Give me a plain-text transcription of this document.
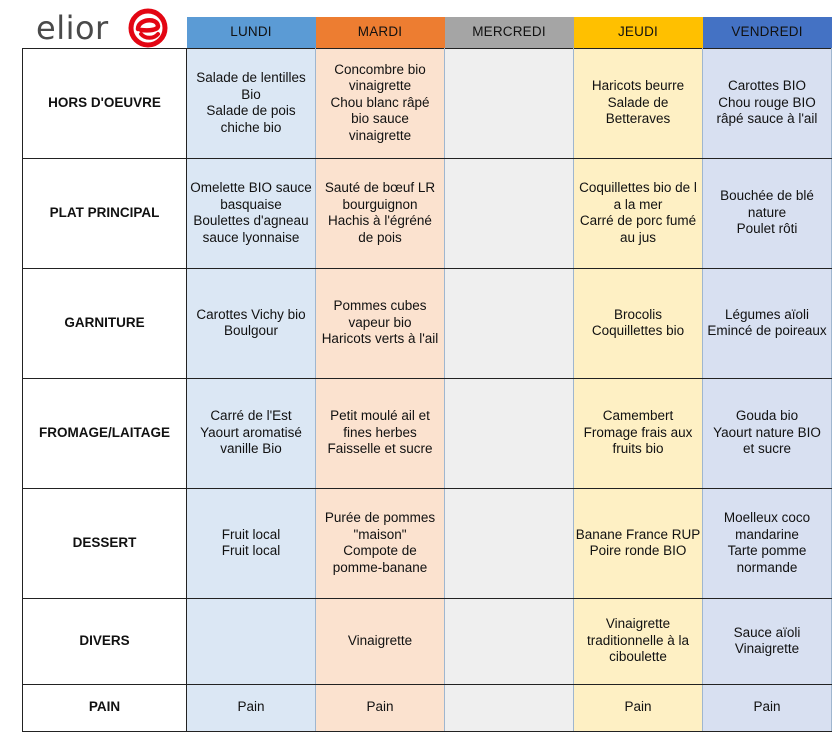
elior
		LUNDI	MARDI	MERCREDI	JEUDI	VENDREDI
HORS D'OEUVRE	Salade de lentilles
Bio
Salade de pois
chiche bio	Concombre bio
vinaigrette
Chou blanc râpé
bio sauce
vinaigrette		Haricots beurre
Salade de
Betteraves	Carottes BIO
Chou rouge BIO
râpé sauce à l'ail

PLAT PRINCIPAL	Omelette BIO sauce
basquaise
Boulettes d'agneau
sauce lyonnaise	Sauté de bœuf LR
bourguignon
Hachis à l'égréné
de pois		Coquillettes bio de l
a la mer
Carré de porc fumé
au jus	Bouchée de blé
nature
Poulet rôti

GARNITURE	Carottes Vichy bio
Boulgour	Pommes cubes
vapeur bio
Haricots verts à l'ail		Brocolis
Coquillettes bio	Légumes aïoli
Emincé de poireaux

FROMAGE/LAITAGE	Carré de l'Est
Yaourt aromatisé
vanille Bio	Petit moulé ail et
fines herbes
Faisselle et sucre		Camembert
Fromage frais aux
fruits bio	Gouda bio
Yaourt nature BIO
et sucre

DESSERT	Fruit local
Fruit local	Purée de pommes
"maison"
Compote de
pomme-banane		Banane France RUP
Poire ronde BIO	Moelleux coco
mandarine
Tarte pomme
normande

DIVERS		Vinaigrette		Vinaigrette
traditionnelle à la
ciboulette	Sauce aïoli
Vinaigrette

PAIN	Pain	Pain		Pain	Pain
